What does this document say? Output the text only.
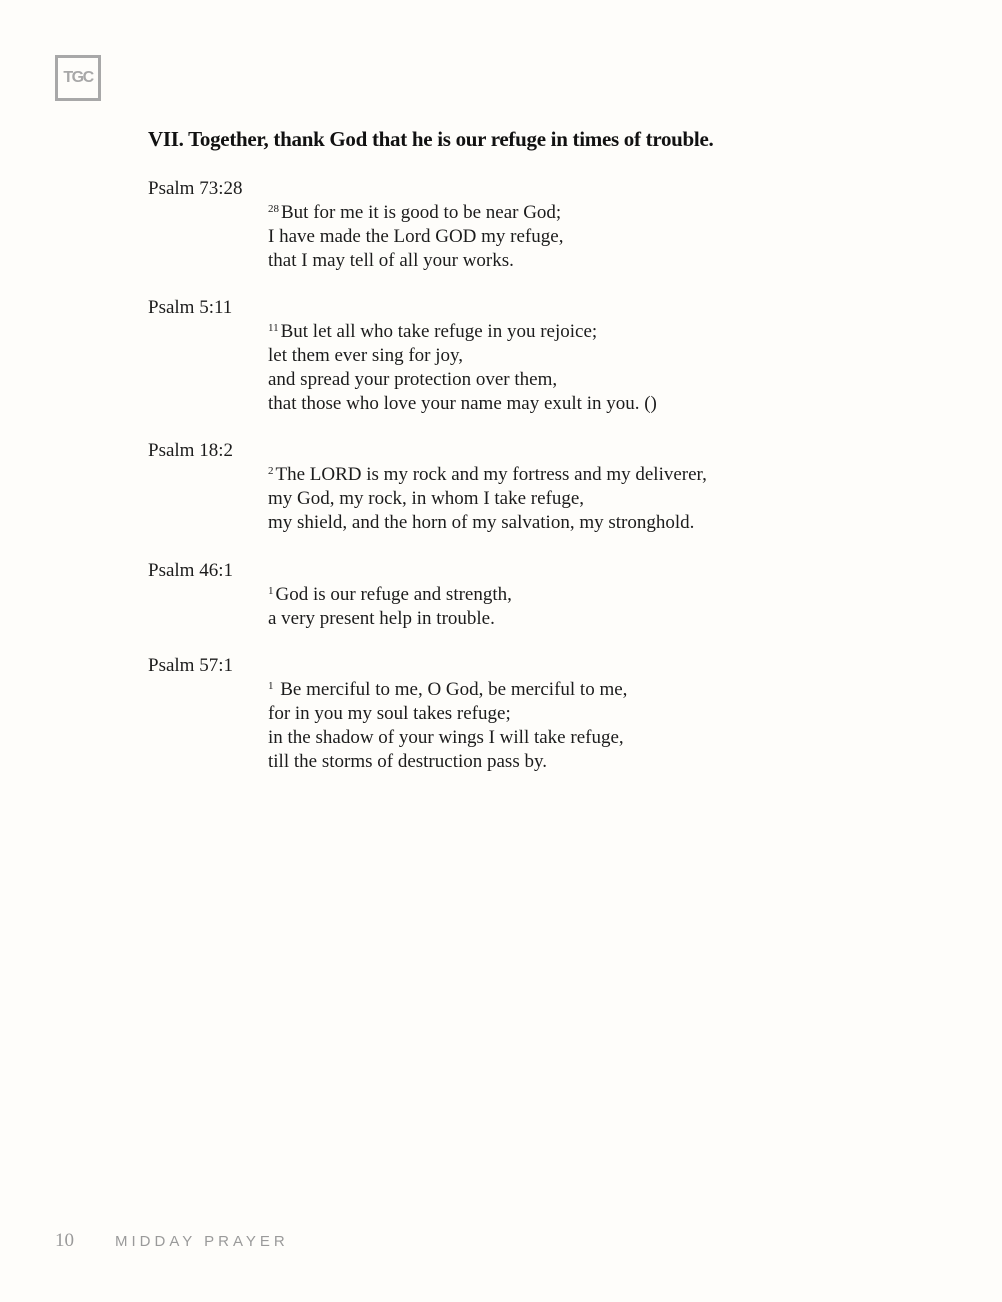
TGC
VII. Together, thank God that he is our refuge in times of trouble.
Psalm 73:28
$^{28}$ But for me it is good to be near God;
I have made the Lord GOD my refuge,
that I may tell of all your works.
Psalm 5:11
$^{11}$ But let all who take refuge in you rejoice;
let them ever sing for joy,
and spread your protection over them,
that those who love your name may exult in you. ()
Psalm 18:2
$^2$ The LORD is my rock and my fortress and my deliverer,
my God, my rock, in whom I take refuge,
my shield, and the horn of my salvation, my stronghold.
Psalm 46:1
$^1$ God is our refuge and strength,
a very present help in trouble.
Psalm 57:1
$^1$ Be merciful to me, O God, be merciful to me,
for in you my soul takes refuge;
in the shadow of your wings I will take refuge,
till the storms of destruction pass by.
10	MIDDAY PRAYER
